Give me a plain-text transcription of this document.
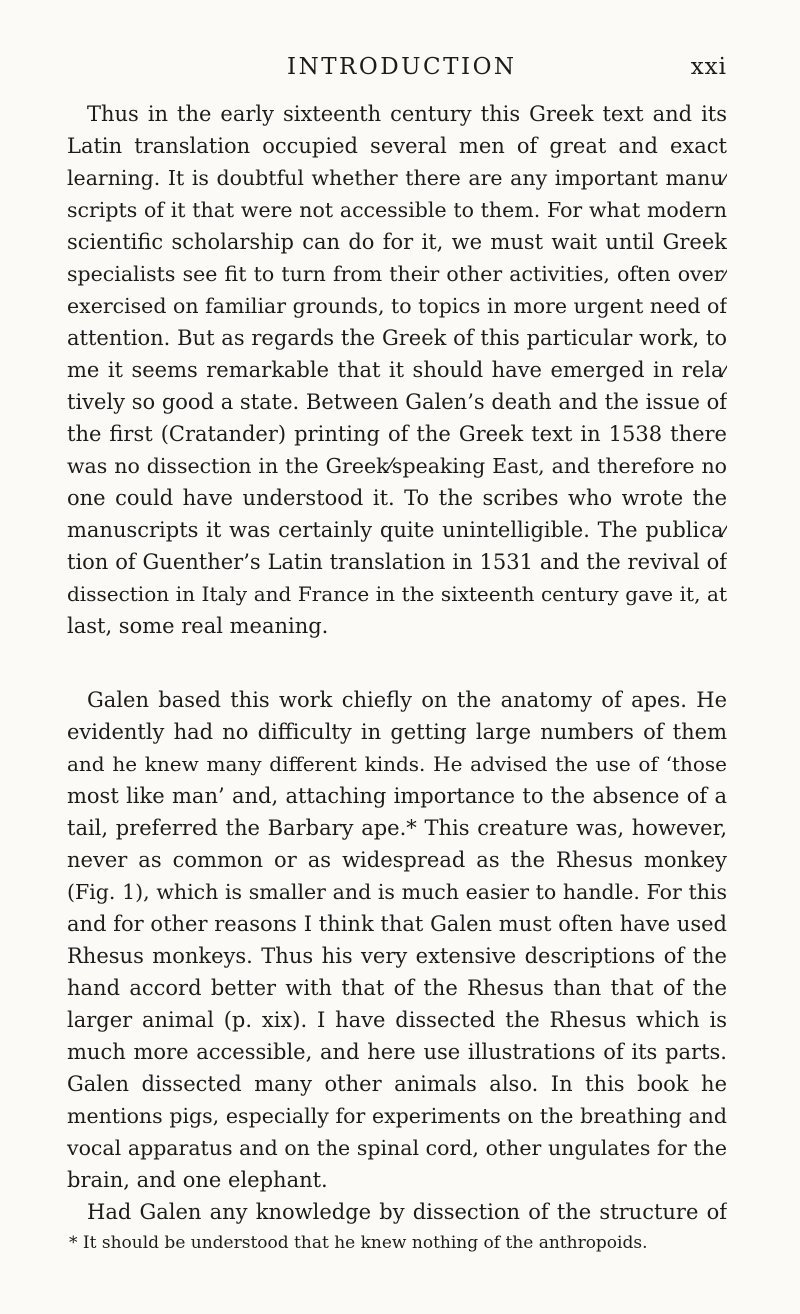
INTRODUCTION	xxi
Thus in the early sixteenth century this Greek text and its
Latin translation occupied several men of great and exact
learning. It is doubtful whether there are any important manu⁄
scripts of it that were not accessible to them. For what modern
scientific scholarship can do for it, we must wait until Greek
specialists see fit to turn from their other activities, often over⁄
exercised on familiar grounds, to topics in more urgent need of
attention. But as regards the Greek of this particular work, to
me it seems remarkable that it should have emerged in rela⁄
tively so good a state. Between Galen’s death and the issue of
the first (Cratander) printing of the Greek text in 1538 there
was no dissection in the Greek⁄speaking East, and therefore no
one could have understood it. To the scribes who wrote the
manuscripts it was certainly quite unintelligible. The publica⁄
tion of Guenther’s Latin translation in 1531 and the revival of
dissection in Italy and France in the sixteenth century gave it, at
last, some real meaning.
Galen based this work chiefly on the anatomy of apes. He
evidently had no difficulty in getting large numbers of them
and he knew many different kinds. He advised the use of ‘those
most like man’ and, attaching importance to the absence of a
tail, preferred the Barbary ape.* This creature was, however,
never as common or as widespread as the Rhesus monkey
(Fig. 1), which is smaller and is much easier to handle. For this
and for other reasons I think that Galen must often have used
Rhesus monkeys. Thus his very extensive descriptions of the
hand accord better with that of the Rhesus than that of the
larger animal (p. xix). I have dissected the Rhesus which is
much more accessible, and here use illustrations of its parts.
Galen dissected many other animals also. In this book he
mentions pigs, especially for experiments on the breathing and
vocal apparatus and on the spinal cord, other ungulates for the
brain, and one elephant.
Had Galen any knowledge by dissection of the structure of
* It should be understood that he knew nothing of the anthropoids.
